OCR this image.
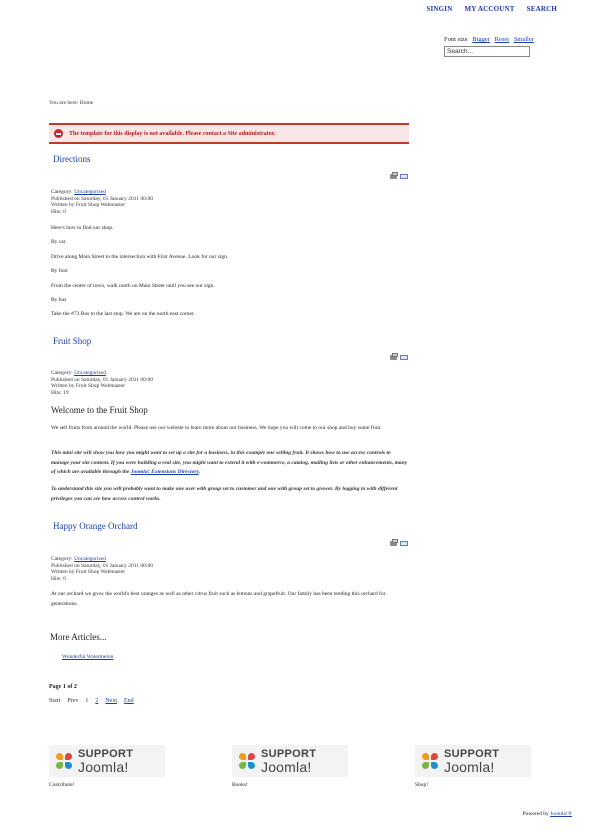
SINGIN MY ACCOUNT SEARCH
Font size Bigger Reset Smaller
Search...
You are here: Home
The template for this display is not available. Please contact a Site administrator.
Directions
Category: Uncategorised
Published on Saturday, 01 January 2011 00:00
Written by Fruit Shop Webmaster
Hits: 0

Here's how to find our shop.

By car

Drive along Main Street to the intersection with First Avenue. Look for our sign.

By foot

From the center of town, walk north on Main Street until you see our sign.

By bus

Take the #73 Bus to the last stop. We are on the north east corner.

Fruit Shop
Category: Uncategorised
Published on Saturday, 01 January 2011 00:00
Written by Fruit Shop Webmaster
Hits: 19
Welcome to the Fruit Shop

We sell fruits from around the world. Please use our website to learn more about our business. We hope you will come to our shop and buy some fruit.

This mini site will show you how you might want to set up a site for a business, in this example one selling fruit. It shows how to use access controls to manage your site content. If you were building a real site, you might want to extend it with e-commerce, a catalog, mailing lists or other enhancements, many of which are available through the Joomla! Extensions Directory.

To understand this site you will probably want to make one user with group set to customer and one with group set to grower. By logging in with different privileges you can see how access control works.

Happy Orange Orchard
Category: Uncategorised
Published on Saturday, 01 January 2011 00:00
Written by Fruit Shop Webmaster
Hits: 0

At our orchard we grow the world's best oranges as well as other citrus fruit such as lemons and grapefruit. Our family has been tending this orchard for generations.

More Articles...
Wonderful Watermelon
Page 1 of 2
Start Prev 1 2 Next End
SUPPORT
Joomla!
Contribute!
SUPPORT
Joomla!
Books!
SUPPORT
Joomla!
Shop!
Powered by Joomla!®
